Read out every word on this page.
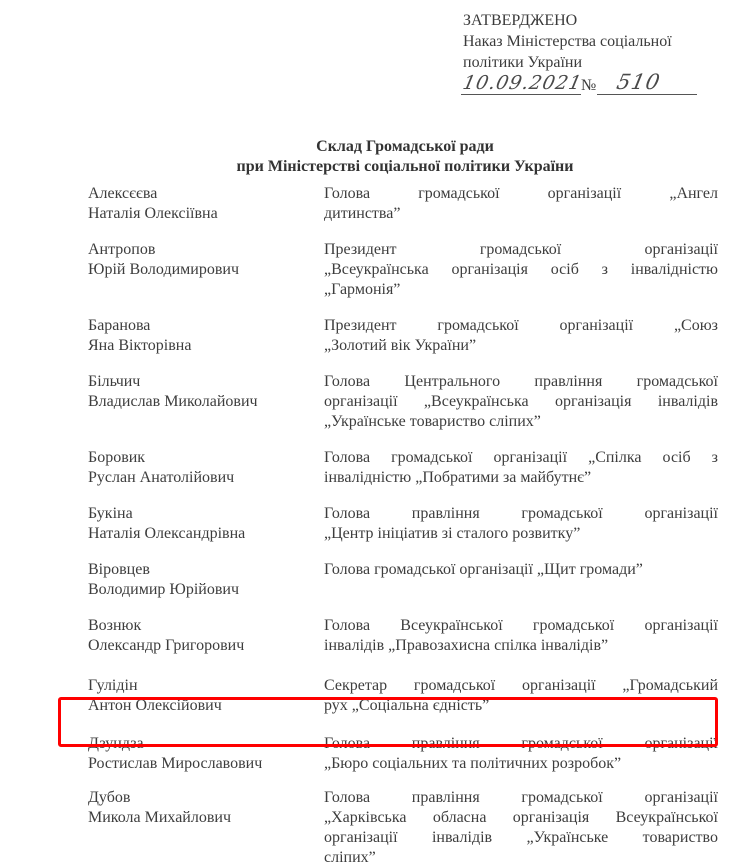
ЗАТВЕРДЖЕНО
Наказ Міністерства соціальної
політики України
10.09.2021
№ 510
Склад Громадської ради
при Міністерстві соціальної політики України
Алексєєва
Наталія Олексіївна
Голова громадської організації „Ангел
дитинства”
Антропов
Юрій Володимирович
Президент громадської організації
„Всеукраїнська організація осіб з інвалідністю
„Гармонія”
Баранова
Яна Вікторівна
Президент громадської організації „Союз
„Золотий вік України”
Більчич
Владислав Миколайович
Голова Центрального правління громадської
організації „Всеукраїнська організація інвалідів
„Українське товариство сліпих”
Боровик
Руслан Анатолійович
Голова громадської організації „Спілка осіб з
інвалідністю „Побратими за майбутнє”
Букіна
Наталія Олександрівна
Голова правління громадської організації
„Центр ініціатив зі сталого розвитку”
Віровцев
Володимир Юрійович
Голова громадської організації „Щит громади”
Вознюк
Олександр Григорович
Голова Всеукраїнської громадської організації
інвалідів „Правозахисна спілка інвалідів”
Гулідін
Антон Олексійович
Секретар громадської організації „Громадський
рух „Соціальна єдність”
Дзундза
Ростислав Мирославович
Голова правління громадської організації
„Бюро соціальних та політичних розробок”
Дубов
Микола Михайлович
Голова правління громадської організації
„Харківська обласна організація Всеукраїнської
організації інвалідів „Українське товариство
сліпих”
